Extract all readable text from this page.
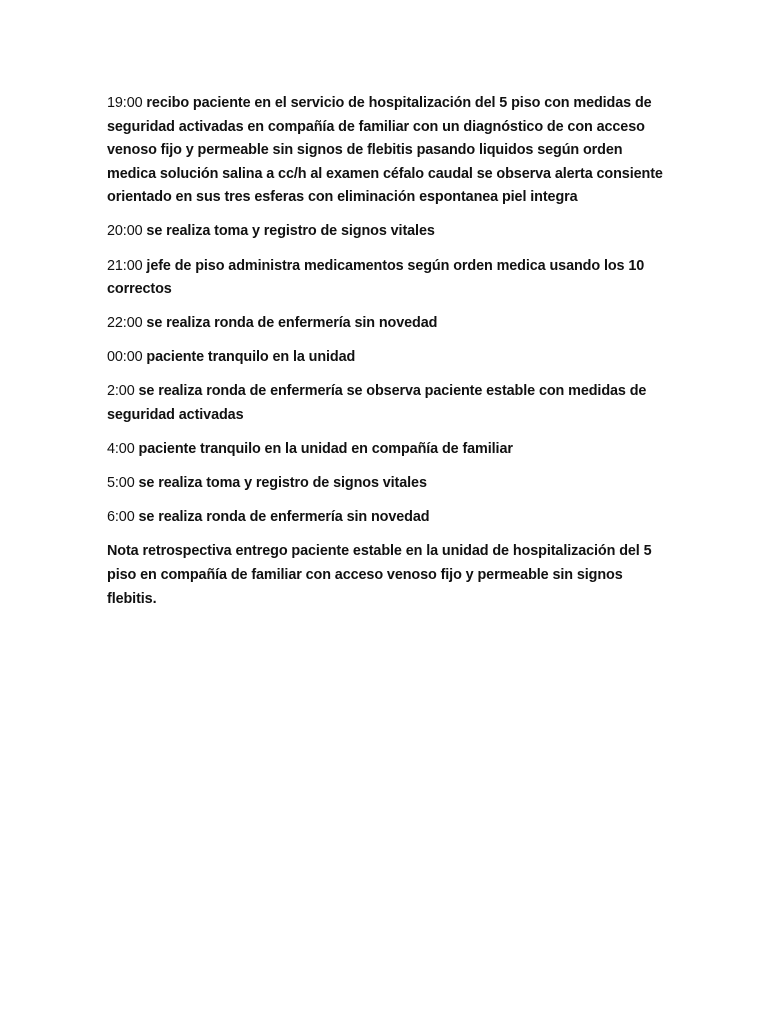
19:00 recibo paciente en el servicio de hospitalización del 5 piso con medidas de seguridad activadas en compañía de familiar con un diagnóstico de con acceso venoso fijo y permeable sin signos de flebitis pasando liquidos según orden medica solución salina a cc/h al examen céfalo caudal se observa alerta consiente orientado en sus tres esferas con eliminación espontanea piel integra

20:00 se realiza toma y registro de signos vitales

21:00 jefe de piso administra medicamentos según orden medica usando los 10 correctos

22:00 se realiza ronda de enfermería sin novedad

00:00 paciente tranquilo en la unidad

2:00 se realiza ronda de enfermería se observa paciente estable con medidas de seguridad activadas

4:00 paciente tranquilo en la unidad en compañía de familiar

5:00 se realiza toma y registro de signos vitales

6:00 se realiza ronda de enfermería sin novedad

Nota retrospectiva entrego paciente estable en la unidad de hospitalización del 5 piso en compañía de familiar con acceso venoso fijo y permeable sin signos flebitis.
